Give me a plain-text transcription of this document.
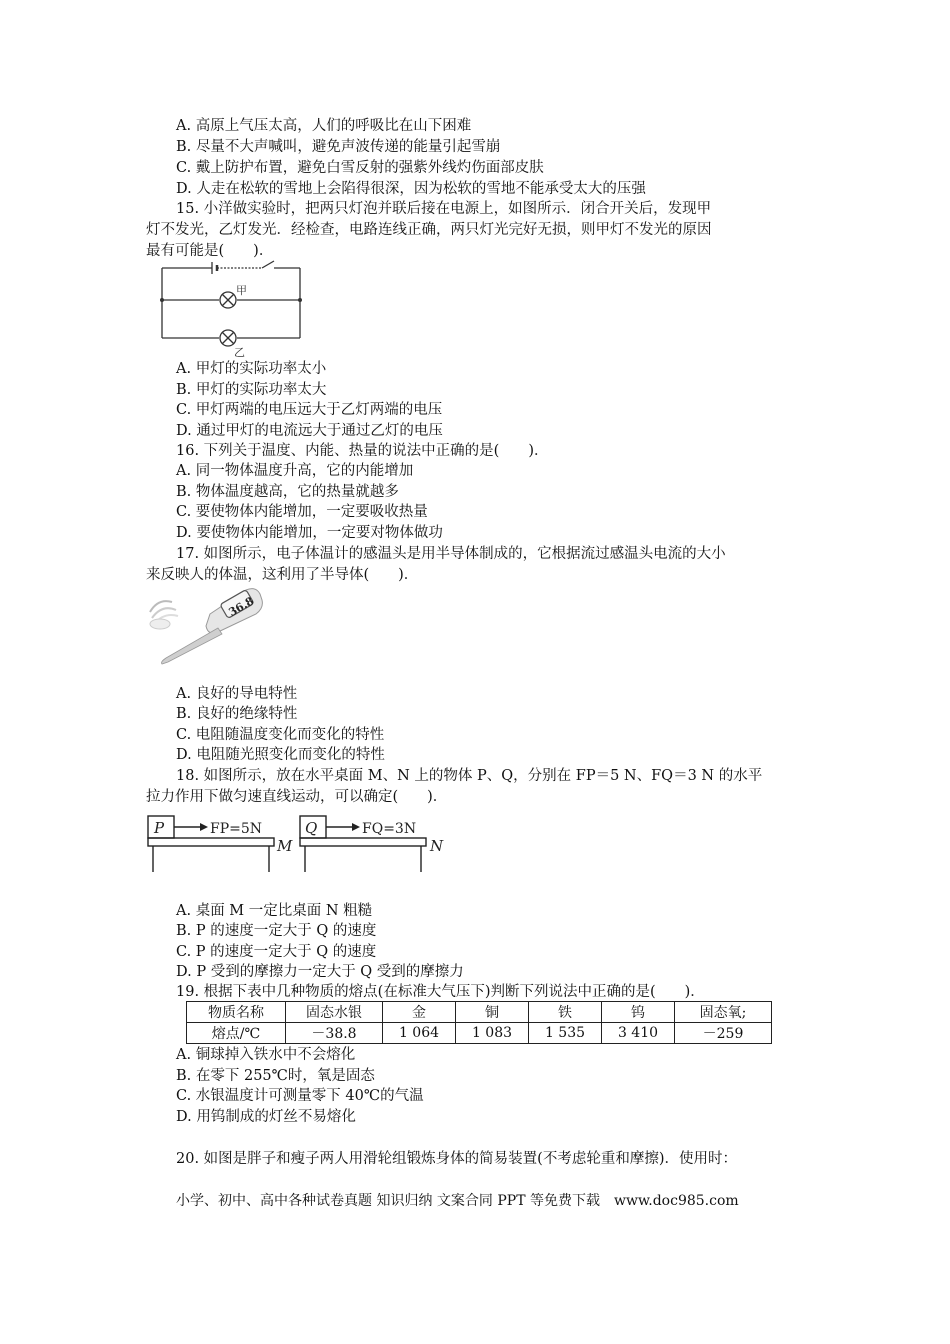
A. 高原上气压太高，人们的呼吸比在山下困难
B. 尽量不大声喊叫，避免声波传递的能量引起雪崩
C. 戴上防护布置，避免白雪反射的强紫外线灼伤面部皮肤
D. 人走在松软的雪地上会陷得很深，因为松软的雪地不能承受太大的压强
15. 小洋做实验时，把两只灯泡并联后接在电源上，如图所示．闭合开关后，发现甲
灯不发光，乙灯发光．经检查，电路连线正确，两只灯光完好无损，则甲灯不发光的原因
最有可能是(　　)．
甲
乙
A. 甲灯的实际功率太小
B. 甲灯的实际功率太大
C. 甲灯两端的电压远大于乙灯两端的电压
D. 通过甲灯的电流远大于通过乙灯的电压
16. 下列关于温度、内能、热量的说法中正确的是(　　)．
A. 同一物体温度升高，它的内能增加
B. 物体温度越高，它的热量就越多
C. 要使物体内能增加，一定要吸收热量
D. 要使物体内能增加，一定要对物体做功
17. 如图所示，电子体温计的感温头是用半导体制成的，它根据流过感温头电流的大小
来反映人的体温，这利用了半导体(　　)．
36.8
A. 良好的导电特性
B. 良好的绝缘特性
C. 电阻随温度变化而变化的特性
D. 电阻随光照变化而变化的特性
18. 如图所示，放在水平桌面 M、N 上的物体 P、Q，分别在 FP＝5 N、FQ＝3 N 的水平
拉力作用下做匀速直线运动，可以确定(　　)．
P	FP=5N
M
Q	FQ=3N
N
A. 桌面 M 一定比桌面 N 粗糙
B. P 的速度一定大于 Q 的速度
C. P 的速度一定大于 Q 的速度
D. P 受到的摩擦力一定大于 Q 受到的摩擦力
19. 根据下表中几种物质的熔点(在标准大气压下)判断下列说法中正确的是(　　)．
物质名称	固态水银	金	铜	铁	钨	固态氧;
熔点/℃	－38.8	1 064	1 083	1 535	3 410	－259
A. 铜球掉入铁水中不会熔化
B. 在零下 255℃时，氧是固态
C. 水银温度计可测量零下 40℃的气温
D. 用钨制成的灯丝不易熔化
20. 如图是胖子和瘦子两人用滑轮组锻炼身体的简易装置(不考虑轮重和摩擦)．使用时：
小学、初中、高中各种试卷真题 知识归纳 文案合同 PPT 等免费下载　www.doc985.com
